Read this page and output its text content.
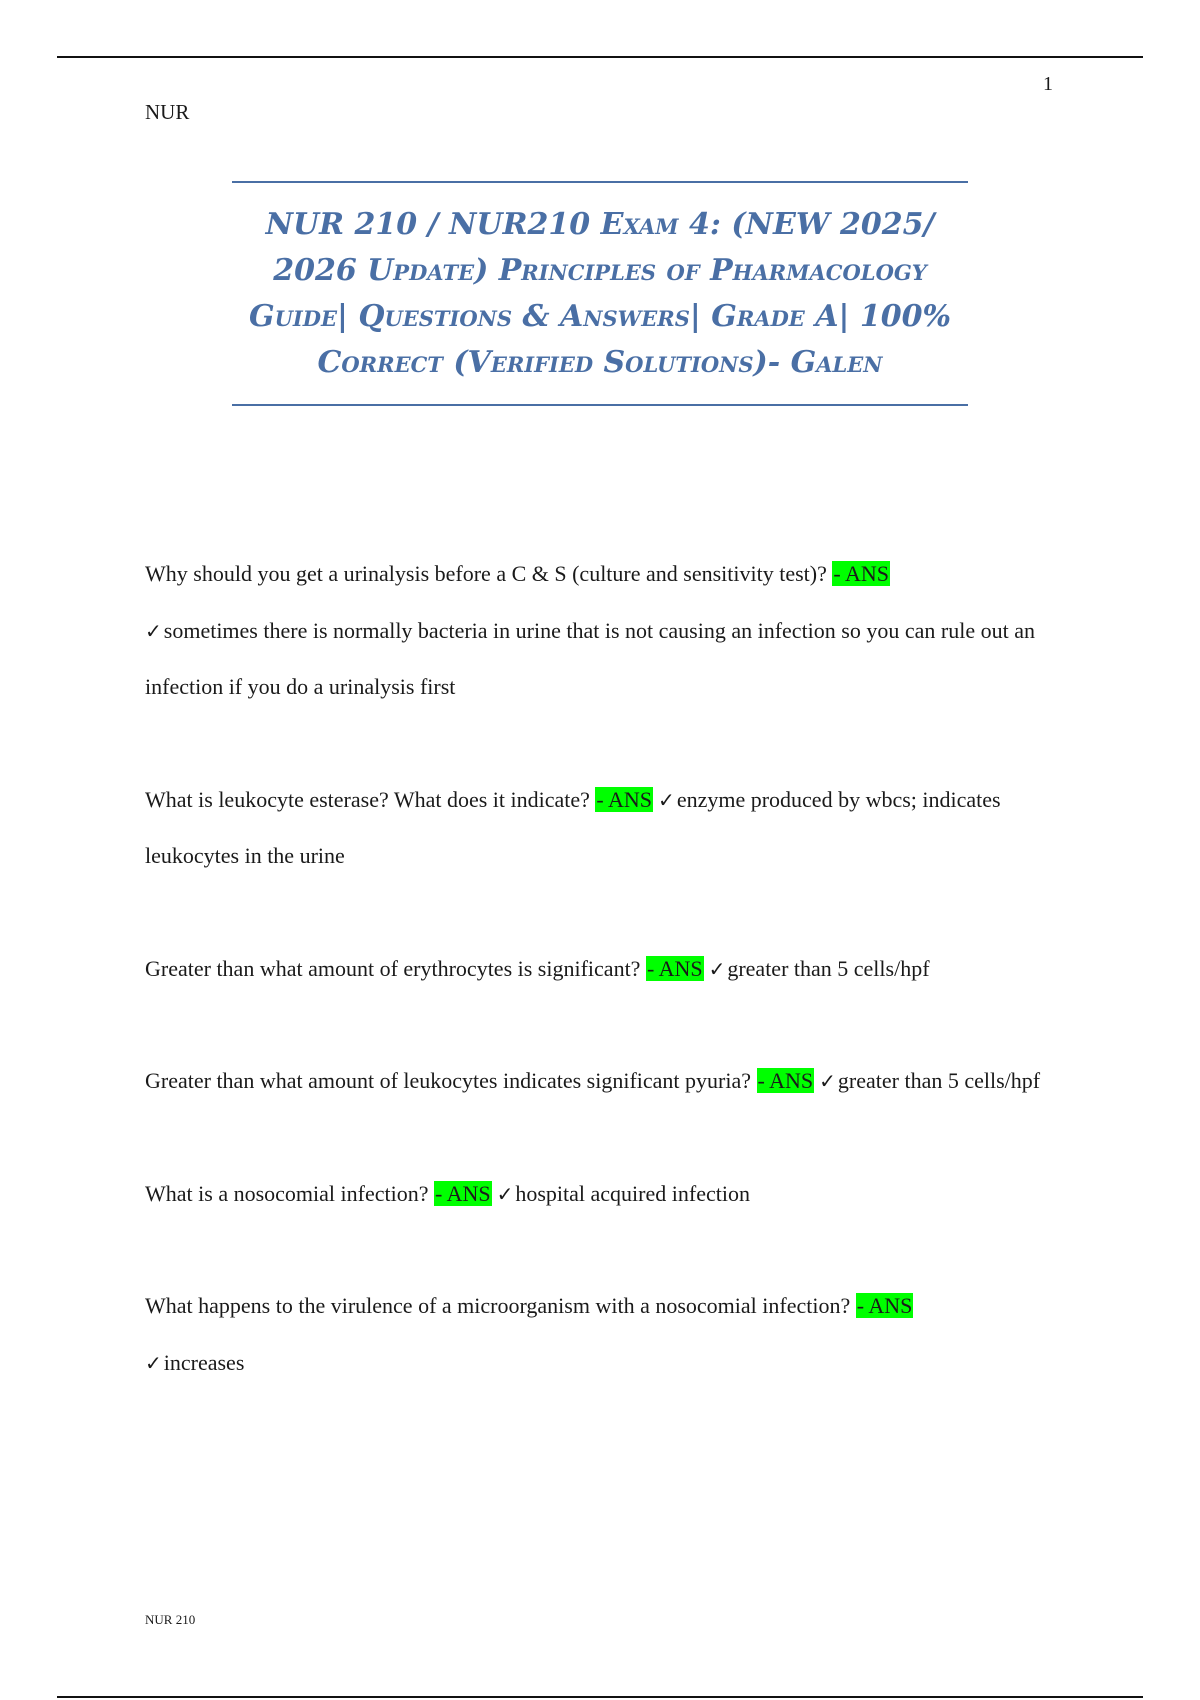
1
NUR
NUR 210 / NUR210 Exam 4: (NEW 2025/ 2026 Update) Principles of Pharmacology Guide| Questions & Answers| Grade A| 100% Correct (Verified Solutions)- Galen

Why should you get a urinalysis before a C & S (culture and sensitivity test)? - ANS
✓sometimes there is normally bacteria in urine that is not causing an infection so you can rule out an infection if you do a urinalysis first

What is leukocyte esterase? What does it indicate? - ANS ✓enzyme produced by wbcs; indicates leukocytes in the urine

Greater than what amount of erythrocytes is significant? - ANS ✓greater than 5 cells/hpf

Greater than what amount of leukocytes indicates significant pyuria? - ANS ✓greater than 5 cells/hpf

What is a nosocomial infection? - ANS ✓hospital acquired infection

What happens to the virulence of a microorganism with a nosocomial infection? - ANS
✓increases

NUR 210
